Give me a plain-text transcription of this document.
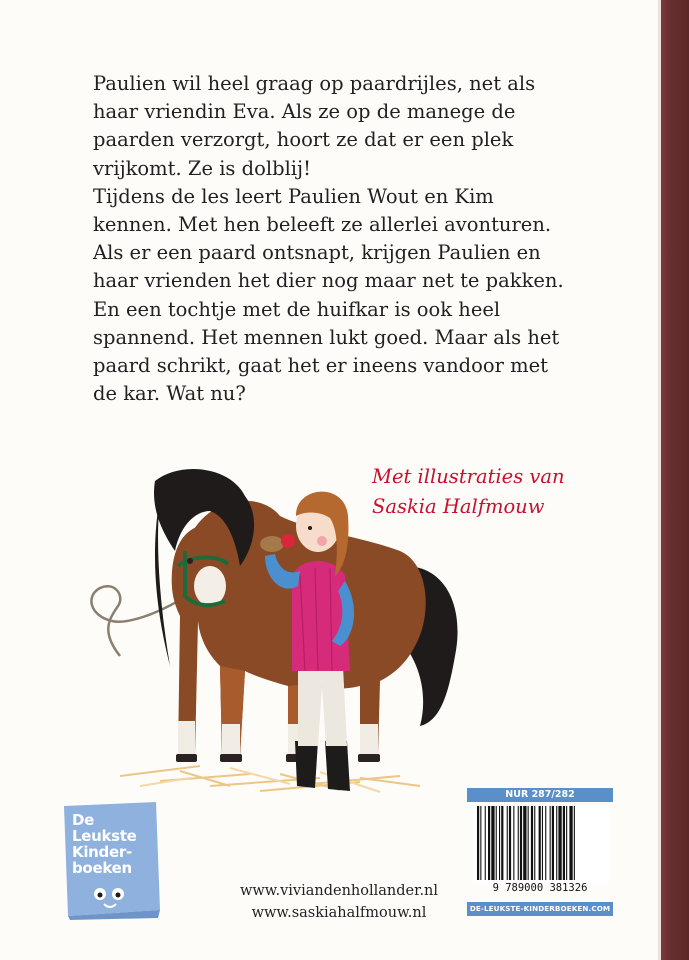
Paulien wil heel graag op paardrijles, net als

haar vriendin Eva. Als ze op de manege de

paarden verzorgt, hoort ze dat er een plek

vrijkomt. Ze is dolblij!

Tijdens de les leert Paulien Wout en Kim

kennen. Met hen beleeft ze allerlei avonturen.

Als er een paard ontsnapt, krijgen Paulien en

haar vrienden het dier nog maar net te pakken.

En een tochtje met de huifkar is ook heel

spannend. Het mennen lukt goed. Maar als het

paard schrikt, gaat het er ineens vandoor met

de kar. Wat nu?

Met illustraties van
Saskia Halfmouw
De
Leukste
Kinder-
boeken
www.viviandenhollander.nl
www.saskiahalfmouw.nl
NUR 287/282
9 789000 381326
DE-LEUKSTE-KINDERBOEKEN.COM
